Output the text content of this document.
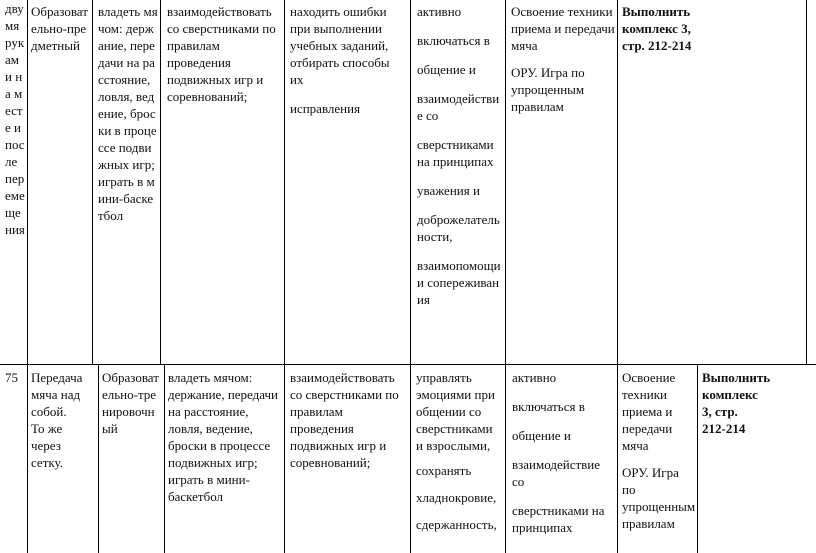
двумя руками на месте и после перемещения
Образовательно-предметный
владеть мячом: держание, передачи на расстояние, ловля, ведение, броски в процессе подвижных игр; играть в мини-баскетбол
взаимодействовать со сверстниками по правилам проведения подвижных игр и соревнований;

находить ошибки при выполнении учебных заданий, отбирать способы их

исправления

активно

включаться в

общение и

взаимодействие со

сверстниками на принципах

уважения и

доброжелательности,

взаимопомощи и сопереживания

Освоение техники приема и передачи мяча

ОРУ. Игра по упрощенным правилам

Выполнить комплекс 3, стр. 212-214
75	Передача мяча над собой.

То же через сетку.

Образовательно-тренировочный
владеть мячом: держание, передачи на расстояние, ловля, ведение, броски в процессе подвижных игр; играть в мини-баскетбол
взаимодействовать со сверстниками по правилам проведения подвижных игр и соревнований;

управлять эмоциями при общении со сверстниками и взрослыми,

сохранять

хладнокровие,

сдержанность,

активно

включаться в

общение и

взаимодействие со

сверстниками на принципах

Освоение техники приема и передачи мяча

ОРУ. Игра по упрощенным правилам

Выполнить комплекс 3, стр. 212-214
